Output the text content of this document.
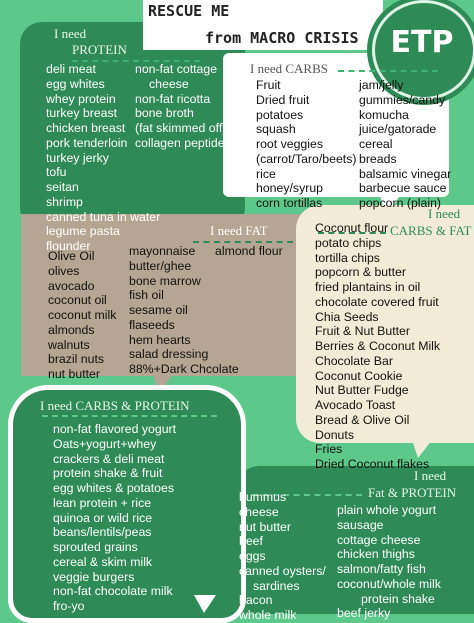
RESCUE ME
from MACRO CRISIS	ETP
I need
PROTEIN
deli meat
egg whites
whey protein
turkey breast
chicken breast
pork tenderloin
turkey jerky
tofu
seitan
shrimp
canned tuna in water
legume pasta
flounder
non-fat cottage
cheese
non-fat ricotta
bone broth
(fat skimmed off)
collagen peptides
I need CARBS
Fruit
Dried fruit
potatoes
squash
root veggies
(carrot/Taro/beets)
rice
honey/syrup
corn tortillas
jam/jelly
gummies/candy
komucha
juice/gatorade
cereal
breads
balsamic vinegar
barbecue sauce
popcorn (plain)
I need FAT
Olive Oil
olives
avocado
coconut oil
coconut milk
almonds
walnuts
brazil nuts
nut butter
mayonnaise
butter/ghee
bone marrow
fish oil
sesame oil
flaseeds
hem hearts
salad dressing
88%+Dark Chcolate
almond flour
I need
CARBS & FAT
Coconut flour
potato chips
tortilla chips
popcorn & butter
fried plantains in oil
chocolate covered fruit
Chia Seeds
Fruit & Nut Butter
Berries & Coconut Milk
Chocolate Bar
Coconut Cookie
Nut Butter Fudge
Avocado Toast
Bread & Olive Oil
Donuts
Fries
Dried Coconut flakes
I need CARBS & PROTEIN
non-fat flavored yogurt
Oats+yogurt+whey
crackers & deli meat
protein shake & fruit
egg whites & potatoes
lean protein + rice
quinoa or wild rice
beans/lentils/peas
sprouted grains
cereal & skim milk
veggie burgers
non-fat chocolate milk
fro-yo
I need
Fat & PROTEIN
hummus
cheese
nut butter
beef
eggs
canned oysters/
sardines
bacon
whole milk
plain whole yogurt
sausage
cottage cheese
chicken thighs
salmon/fatty fish
coconut/whole milk
protein shake
beef jerky
